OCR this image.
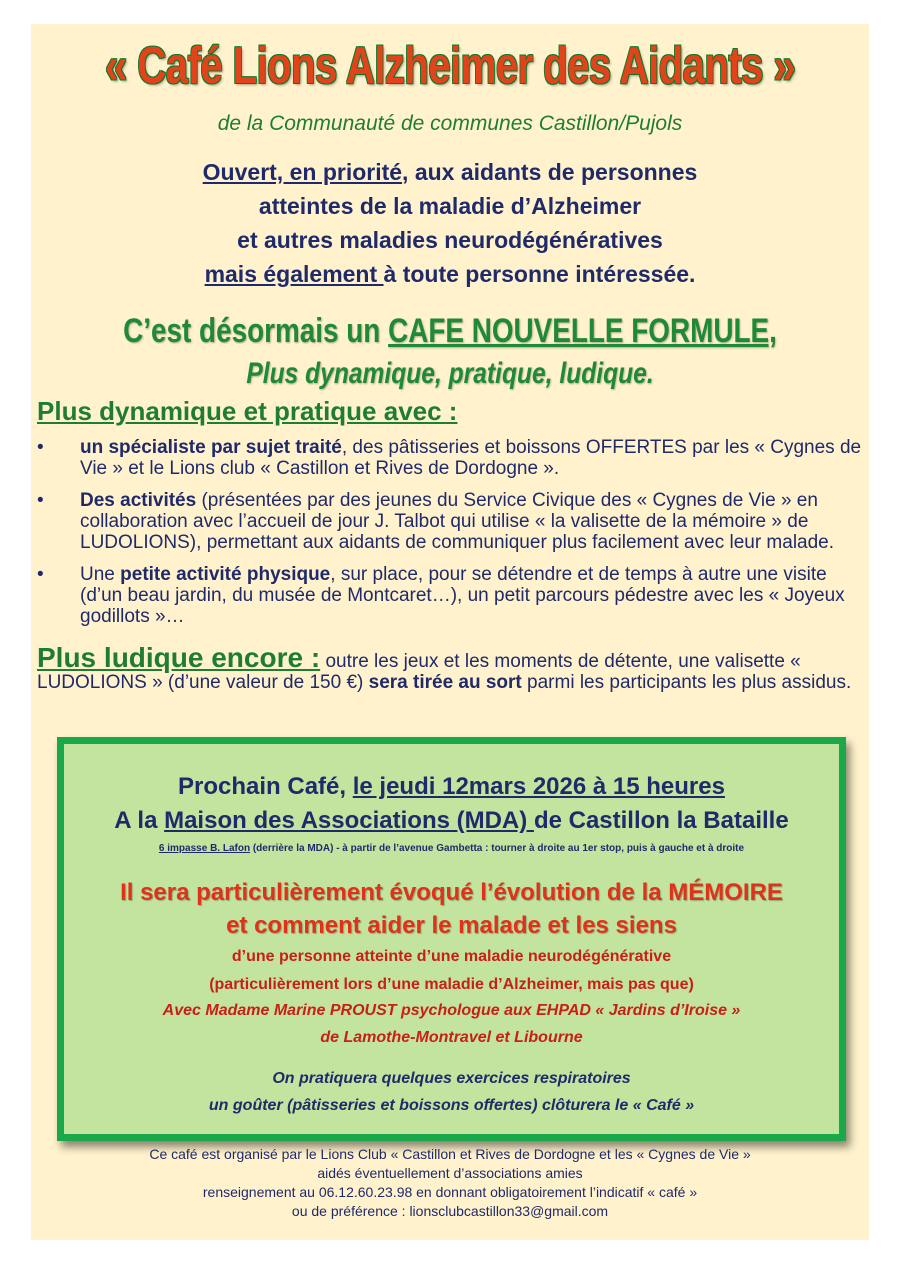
« Café Lions Alzheimer des Aidants »
de la Communauté de communes Castillon/Pujols
Ouvert, en priorité, aux aidants de personnes
atteintes de la maladie d’Alzheimer
et autres maladies neurodégénératives
mais également à toute personne intéressée.
C’est désormais un CAFE NOUVELLE FORMULE,
Plus dynamique, pratique, ludique.
Plus dynamique et pratique avec :
• un spécialiste par sujet traité, des pâtisseries et boissons OFFERTES par les « Cygnes de Vie » et le Lions club « Castillon et Rives de Dordogne ».
• Des activités (présentées par des jeunes du Service Civique des « Cygnes de Vie » en collaboration avec l’accueil de jour J. Talbot qui utilise « la valisette de la mémoire » de LUDOLIONS), permettant aux aidants de communiquer plus facilement avec leur malade.
• Une petite activité physique, sur place, pour se détendre et de temps à autre une visite (d’un beau jardin, du musée de Montcaret…), un petit parcours pédestre avec les « Joyeux godillots »…
Plus ludique encore : outre les jeux et les moments de détente, une valisette « LUDOLIONS » (d’une valeur de 150 €) sera tirée au sort parmi les participants les plus assidus.
Prochain Café, le jeudi 12mars 2026 à 15 heures
A la Maison des Associations (MDA) de Castillon la Bataille
6 impasse B. Lafon (derrière la MDA) - à partir de l’avenue Gambetta : tourner à droite au 1er stop, puis à gauche et à droite
Il sera particulièrement évoqué l’évolution de la MÉMOIRE
et comment aider le malade et les siens
d’une personne atteinte d’une maladie neurodégénérative
(particulièrement lors d’une maladie d’Alzheimer, mais pas que)
Avec Madame Marine PROUST psychologue aux EHPAD « Jardins d’Iroise »
de Lamothe-Montravel et Libourne
On pratiquera quelques exercices respiratoires
un goûter (pâtisseries et boissons offertes) clôturera le « Café »
Ce café est organisé par le Lions Club « Castillon et Rives de Dordogne et les « Cygnes de Vie »
aidés éventuellement d’associations amies
renseignement au 06.12.60.23.98 en donnant obligatoirement l’indicatif « café »
ou de préférence : lionsclubcastillon33@gmail.com
